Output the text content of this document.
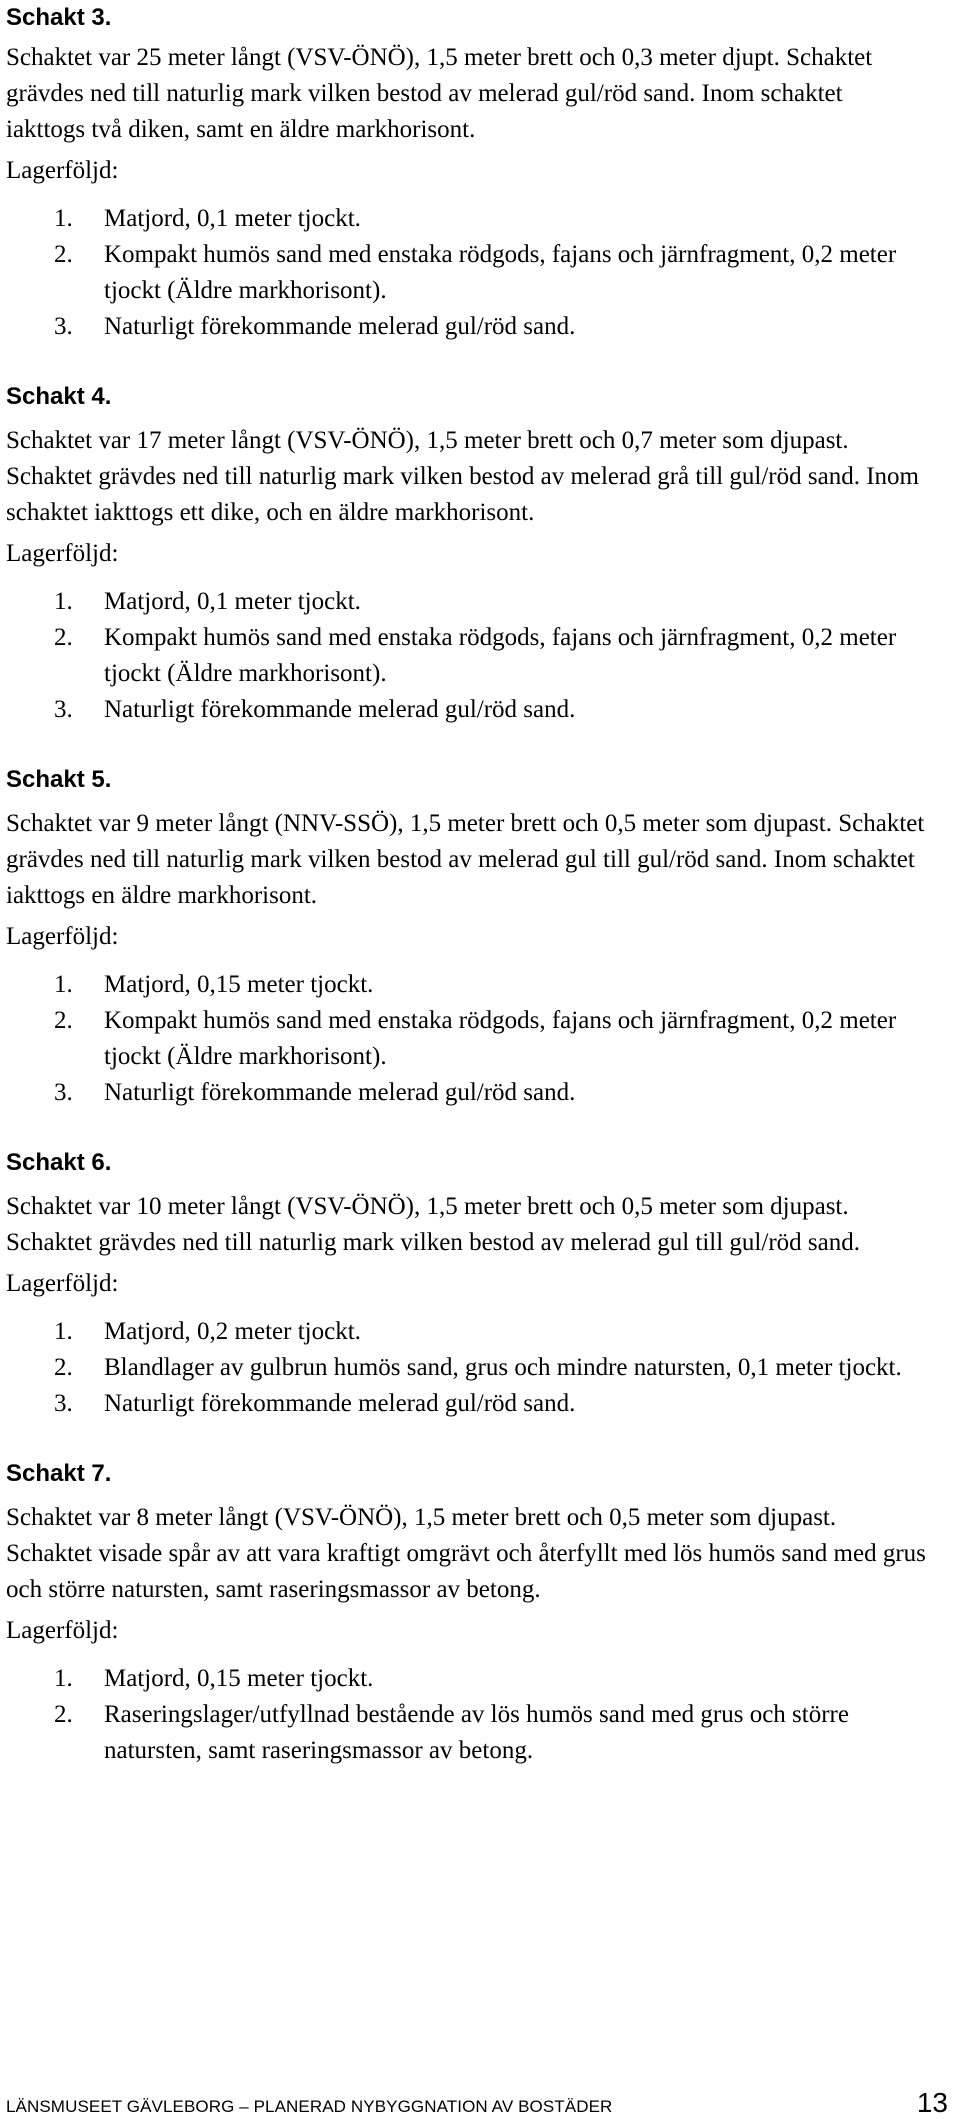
Schakt 3.

Schaktet var 25 meter långt (VSV-ÖNÖ), 1,5 meter brett och 0,3 meter djupt. Schaktet grävdes ned till naturlig mark vilken bestod av melerad gul/röd sand. Inom schaktet iakttogs två diken, samt en äldre markhorisont.

Lagerföljd:
1. Matjord, 0,1 meter tjockt.
2. Kompakt humös sand med enstaka rödgods, fajans och järnfragment, 0,2 meter tjockt (Äldre markhorisont).
3. Naturligt förekommande melerad gul/röd sand.
Schakt 4.

Schaktet var 17 meter långt (VSV-ÖNÖ), 1,5 meter brett och 0,7 meter som djupast. Schaktet grävdes ned till naturlig mark vilken bestod av melerad grå till gul/röd sand. Inom schaktet iakttogs ett dike, och en äldre markhorisont.

Lagerföljd:
1. Matjord, 0,1 meter tjockt.
2. Kompakt humös sand med enstaka rödgods, fajans och järnfragment, 0,2 meter tjockt (Äldre markhorisont).
3. Naturligt förekommande melerad gul/röd sand.
Schakt 5.

Schaktet var 9 meter långt (NNV-SSÖ), 1,5 meter brett och 0,5 meter som djupast. Schaktet grävdes ned till naturlig mark vilken bestod av melerad gul till gul/röd sand. Inom schaktet iakttogs en äldre markhorisont.

Lagerföljd:
1. Matjord, 0,15 meter tjockt.
2. Kompakt humös sand med enstaka rödgods, fajans och järnfragment, 0,2 meter tjockt (Äldre markhorisont).
3. Naturligt förekommande melerad gul/röd sand.
Schakt 6.

Schaktet var 10 meter långt (VSV-ÖNÖ), 1,5 meter brett och 0,5 meter som djupast. Schaktet grävdes ned till naturlig mark vilken bestod av melerad gul till gul/röd sand.

Lagerföljd:
1. Matjord, 0,2 meter tjockt.
2. Blandlager av gulbrun humös sand, grus och mindre natursten, 0,1 meter tjockt.
3. Naturligt förekommande melerad gul/röd sand.
Schakt 7.

Schaktet var 8 meter långt (VSV-ÖNÖ), 1,5 meter brett och 0,5 meter som djupast. Schaktet visade spår av att vara kraftigt omgrävt och återfyllt med lös humös sand med grus och större natursten, samt raseringsmassor av betong.

Lagerföljd:
1. Matjord, 0,15 meter tjockt.
2. Raseringslager/utfyllnad bestående av lös humös sand med grus och större natursten, samt raseringsmassor av betong.
LÄNSMUSEET GÄVLEBORG – PLANERAD NYBYGGNATION AV BOSTÄDER	13
